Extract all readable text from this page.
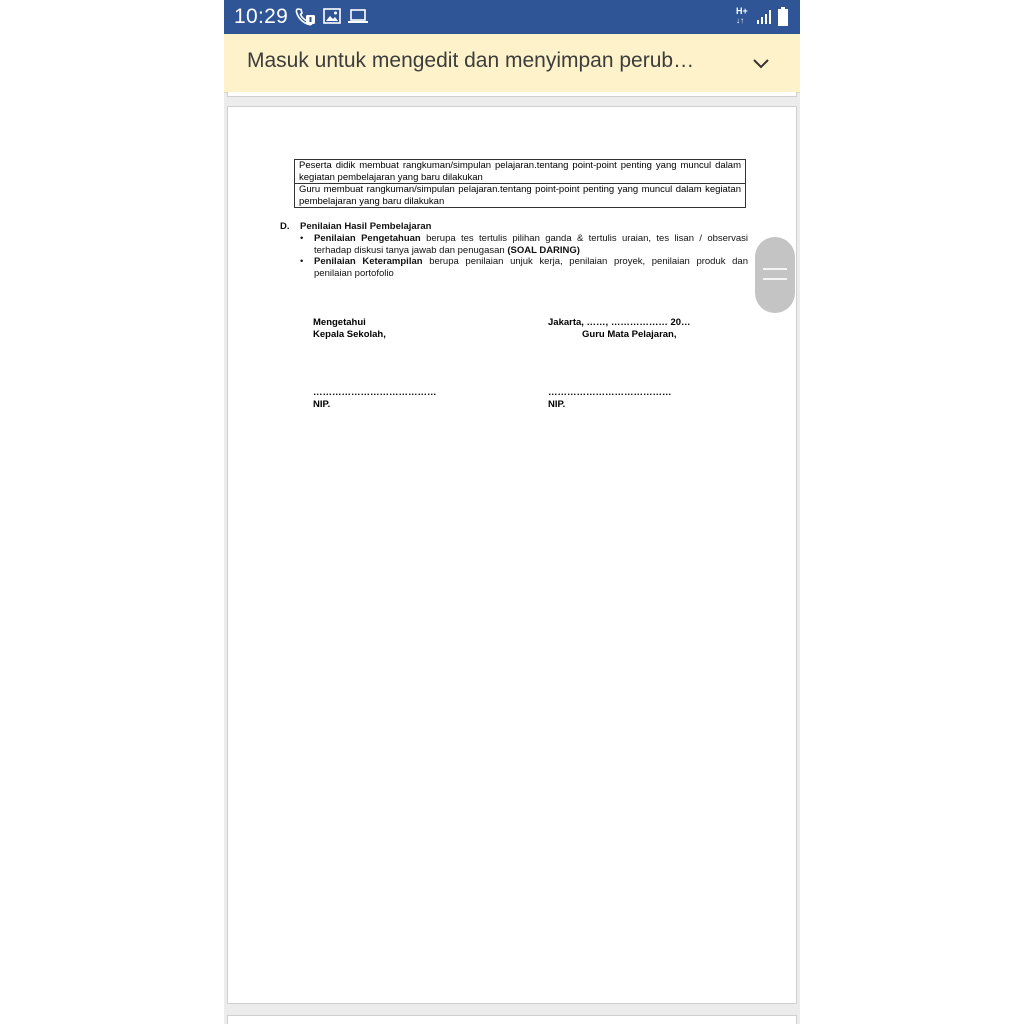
10:29	H+
↓↑
Masuk untuk mengedit dan menyimpan perub…
Peserta didik membuat rangkuman/simpulan pelajaran.tentang point-point penting yang muncul dalam kegiatan pembelajaran yang baru dilakukan
Guru membuat rangkuman/simpulan pelajaran.tentang point-point penting yang muncul dalam kegiatan pembelajaran yang baru dilakukan
D. Penilaian Hasil Pembelajaran
• Penilaian Pengetahuan berupa tes tertulis pilihan ganda & tertulis uraian, tes lisan / observasi terhadap diskusi tanya jawab dan penugasan (SOAL DARING)
• Penilaian Keterampilan berupa penilaian unjuk kerja, penilaian proyek, penilaian produk dan penilaian portofolio
Mengetahui
Kepala Sekolah,
Jakarta, ……, ……………… 20…
Guru Mata Pelajaran,
…………………………………
NIP.
…………………………………
NIP.
